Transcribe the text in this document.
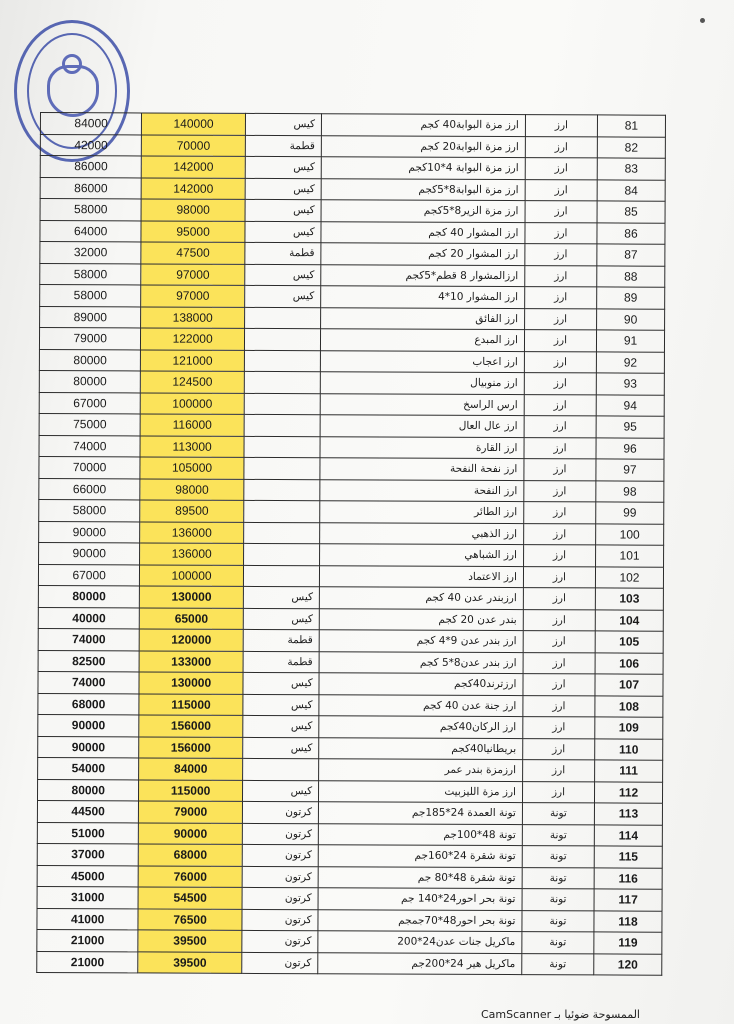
84000	140000	كيس	ارز مزة البوابة40 كجم	ارز	81
42000	70000	قطمة	ارز مزة البوابة20 كجم	ارز	82
86000	142000	كيس	ارز مزة البوابة 4*10كجم	ارز	83
86000	142000	كيس	ارز مزة البوابة8*5كجم	ارز	84
58000	98000	كيس	ارز مزة الزير8*5كجم	ارز	85
64000	95000	كيس	ارز المشوار 40 كجم	ارز	86
32000	47500	قطمة	ارز المشوار 20 كجم	ارز	87
58000	97000	كيس	ارزالمشوار 8 قطم*5كجم	ارز	88
58000	97000	كيس	ارز المشوار 10*4	ارز	89
89000	138000		ارز الفائق	ارز	90
79000	122000		ارز المبدع	ارز	91
80000	121000		ارز اعجاب	ارز	92
80000	124500		ارز منوبيال	ارز	93
67000	100000		ارس الراسخ	ارز	94
75000	116000		ارز عال العال	ارز	95
74000	113000		ارز القارة	ارز	96
70000	105000		ارز نفحة النفحة	ارز	97
66000	98000		ارز النفحة	ارز	98
58000	89500		ارز الطائر	ارز	99
90000	136000		ارز الذهبي	ارز	100
90000	136000		ارز الشباهي	ارز	101
67000	100000		ارز الاعتماد	ارز	102
80000	130000	كيس	ارزبندر عدن 40 كجم	ارز	103
40000	65000	كيس	بندر عدن 20 كجم	ارز	104
74000	120000	قطمة	ارز بندر عدن 9*4 كجم	ارز	105
82500	133000	قطمة	ارز بندر عدن8*5 كجم	ارز	106
74000	130000	كيس	ارزترند40كجم	ارز	107
68000	115000	كيس	ارز جنة عدن 40 كجم	ارز	108
90000	156000	كيس	ارز الركان40كجم	ارز	109
90000	156000	كيس	بريطانيا40كجم	ارز	110
54000	84000		ارزمزة بندر عمر	ارز	111
80000	115000	كيس	ارز مزة الليزبيت	ارز	112
44500	79000	كرتون	تونة العمدة 24*185جم	تونة	113
51000	90000	كرتون	تونة 48*100جم	تونة	114
37000	68000	كرتون	تونة شقرة 24*160جم	تونة	115
45000	76000	كرتون	تونة شقرة 48*80 جم	تونة	116
31000	54500	كرتون	تونة بحر احور24*140 جم	تونة	117
41000	76500	كرتون	تونة بحر احور48*70جمجم	تونة	118
21000	39500	كرتون	ماكريل جنات عدن24*200	تونة	119
21000	39500	كرتون	ماكريل هير 24*200جم	تونة	120
الممسوحة ضوئيا بـ CamScanner
